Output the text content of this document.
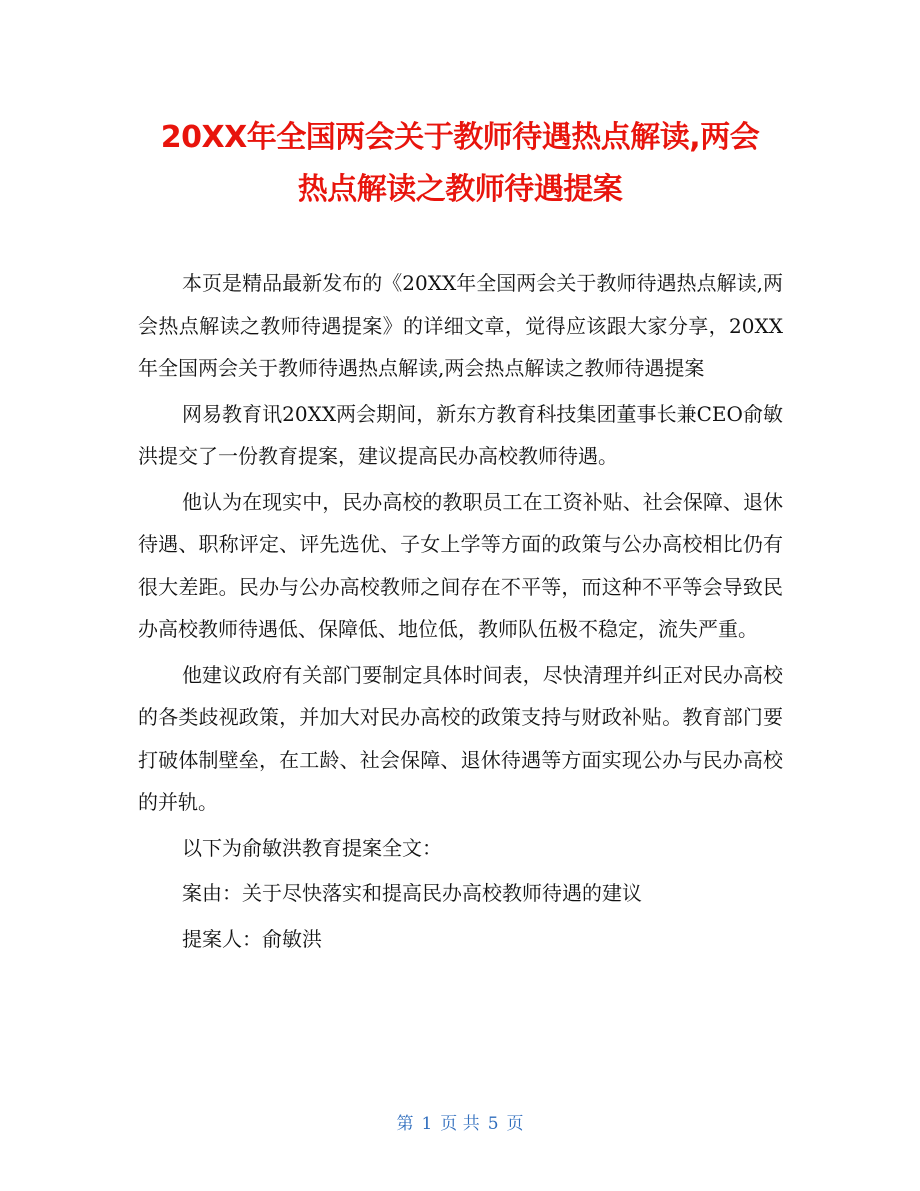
20XX年全国两会关于教师待遇热点解读,两会
热点解读之教师待遇提案

本页是精品最新发布的《20XX年全国两会关于教师待遇热点解读,两会热点解读之教师待遇提案》的详细文章，觉得应该跟大家分享，20XX年全国两会关于教师待遇热点解读,两会热点解读之教师待遇提案

网易教育讯20XX两会期间，新东方教育科技集团董事长兼CEO俞敏洪提交了一份教育提案，建议提高民办高校教师待遇。

他认为在现实中，民办高校的教职员工在工资补贴、社会保障、退休待遇、职称评定、评先选优、子女上学等方面的政策与公办高校相比仍有很大差距。民办与公办高校教师之间存在不平等，而这种不平等会导致民办高校教师待遇低、保障低、地位低，教师队伍极不稳定，流失严重。

他建议政府有关部门要制定具体时间表，尽快清理并纠正对民办高校的各类歧视政策，并加大对民办高校的政策支持与财政补贴。教育部门要打破体制壁垒，在工龄、社会保障、退休待遇等方面实现公办与民办高校的并轨。

以下为俞敏洪教育提案全文：

案由：关于尽快落实和提高民办高校教师待遇的建议

提案人：俞敏洪

第 1 页 共 5 页
